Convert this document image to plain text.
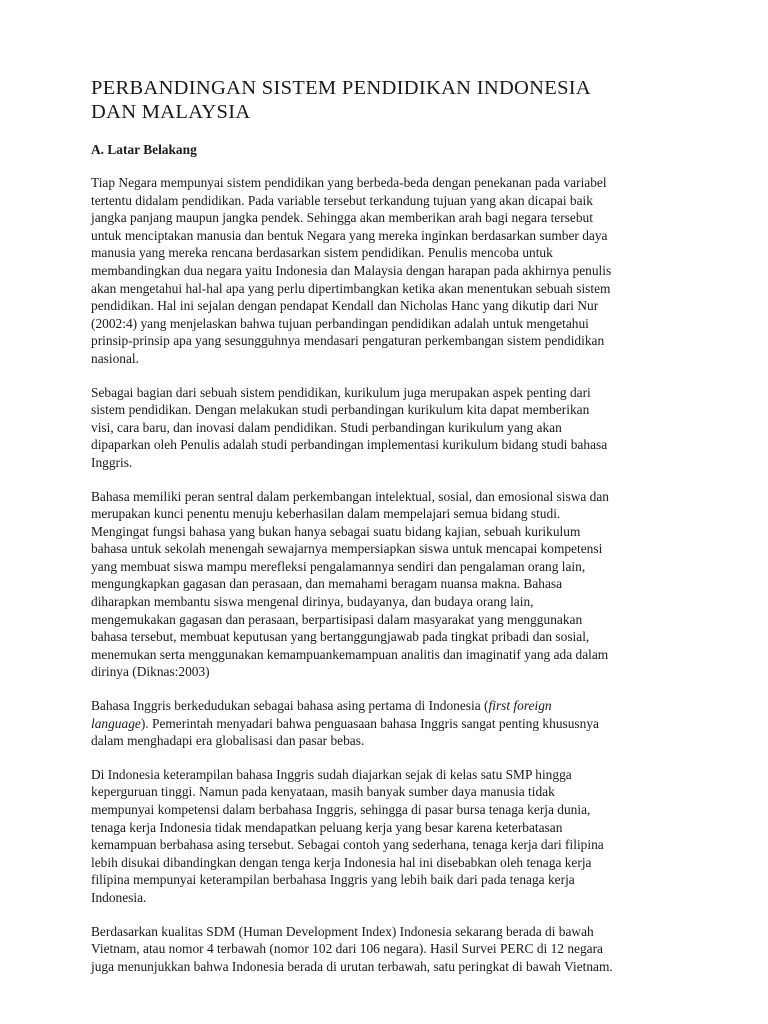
PERBANDINGAN SISTEM PENDIDIKAN INDONESIA
DAN MALAYSIA
A. Latar Belakang

Tiap Negara mempunyai sistem pendidikan yang berbeda-beda dengan penekanan pada variabel
tertentu didalam pendidikan. Pada variable tersebut terkandung tujuan yang akan dicapai baik
jangka panjang maupun jangka pendek. Sehingga akan memberikan arah bagi negara tersebut
untuk menciptakan manusia dan bentuk Negara yang mereka inginkan berdasarkan sumber daya
manusia yang mereka rencana berdasarkan sistem pendidikan. Penulis mencoba untuk
membandingkan dua negara yaitu Indonesia dan Malaysia dengan harapan pada akhirnya penulis
akan mengetahui hal-hal apa yang perlu dipertimbangkan ketika akan menentukan sebuah sistem
pendidikan. Hal ini sejalan dengan pendapat Kendall dan Nicholas Hanc yang dikutip dari Nur
(2002:4) yang menjelaskan bahwa tujuan perbandingan pendidikan adalah untuk mengetahui
prinsip-prinsip apa yang sesungguhnya mendasari pengaturan perkembangan sistem pendidikan
nasional.

Sebagai bagian dari sebuah sistem pendidikan, kurikulum juga merupakan aspek penting dari
sistem pendidikan. Dengan melakukan studi perbandingan kurikulum kita dapat memberikan
visi, cara baru, dan inovasi dalam pendidikan. Studi perbandingan kurikulum yang akan
dipaparkan oleh Penulis adalah studi perbandingan implementasi kurikulum bidang studi bahasa
Inggris.

Bahasa memiliki peran sentral dalam perkembangan intelektual, sosial, dan emosional siswa dan
merupakan kunci penentu menuju keberhasilan dalam mempelajari semua bidang studi.
Mengingat fungsi bahasa yang bukan hanya sebagai suatu bidang kajian, sebuah kurikulum
bahasa untuk sekolah menengah sewajarnya mempersiapkan siswa untuk mencapai kompetensi
yang membuat siswa mampu merefleksi pengalamannya sendiri dan pengalaman orang lain,
mengungkapkan gagasan dan perasaan, dan memahami beragam nuansa makna. Bahasa
diharapkan membantu siswa mengenal dirinya, budayanya, dan budaya orang lain,
mengemukakan gagasan dan perasaan, berpartisipasi dalam masyarakat yang menggunakan
bahasa tersebut, membuat keputusan yang bertanggungjawab pada tingkat pribadi dan sosial,
menemukan serta menggunakan kemampuankemampuan analitis dan imaginatif yang ada dalam
dirinya (Diknas:2003)

Bahasa Inggris berkedudukan sebagai bahasa asing pertama di Indonesia (first foreign
language). Pemerintah menyadari bahwa penguasaan bahasa Inggris sangat penting khususnya
dalam menghadapi era globalisasi dan pasar bebas.

Di Indonesia keterampilan bahasa Inggris sudah diajarkan sejak di kelas satu SMP hingga
keperguruan tinggi. Namun pada kenyataan, masih banyak sumber daya manusia tidak
mempunyai kompetensi dalam berbahasa Inggris, sehingga di pasar bursa tenaga kerja dunia,
tenaga kerja Indonesia tidak mendapatkan peluang kerja yang besar karena keterbatasan
kemampuan berbahasa asing tersebut. Sebagai contoh yang sederhana, tenaga kerja dari filipina
lebih disukai dibandingkan dengan tenga kerja Indonesia hal ini disebabkan oleh tenaga kerja
filipina mempunyai keterampilan berbahasa Inggris yang lebih baik dari pada tenaga kerja
Indonesia.

Berdasarkan kualitas SDM (Human Development Index) Indonesia sekarang berada di bawah
Vietnam, atau nomor 4 terbawah (nomor 102 dari 106 negara). Hasil Survei PERC di 12 negara
juga menunjukkan bahwa Indonesia berada di urutan terbawah, satu peringkat di bawah Vietnam.
